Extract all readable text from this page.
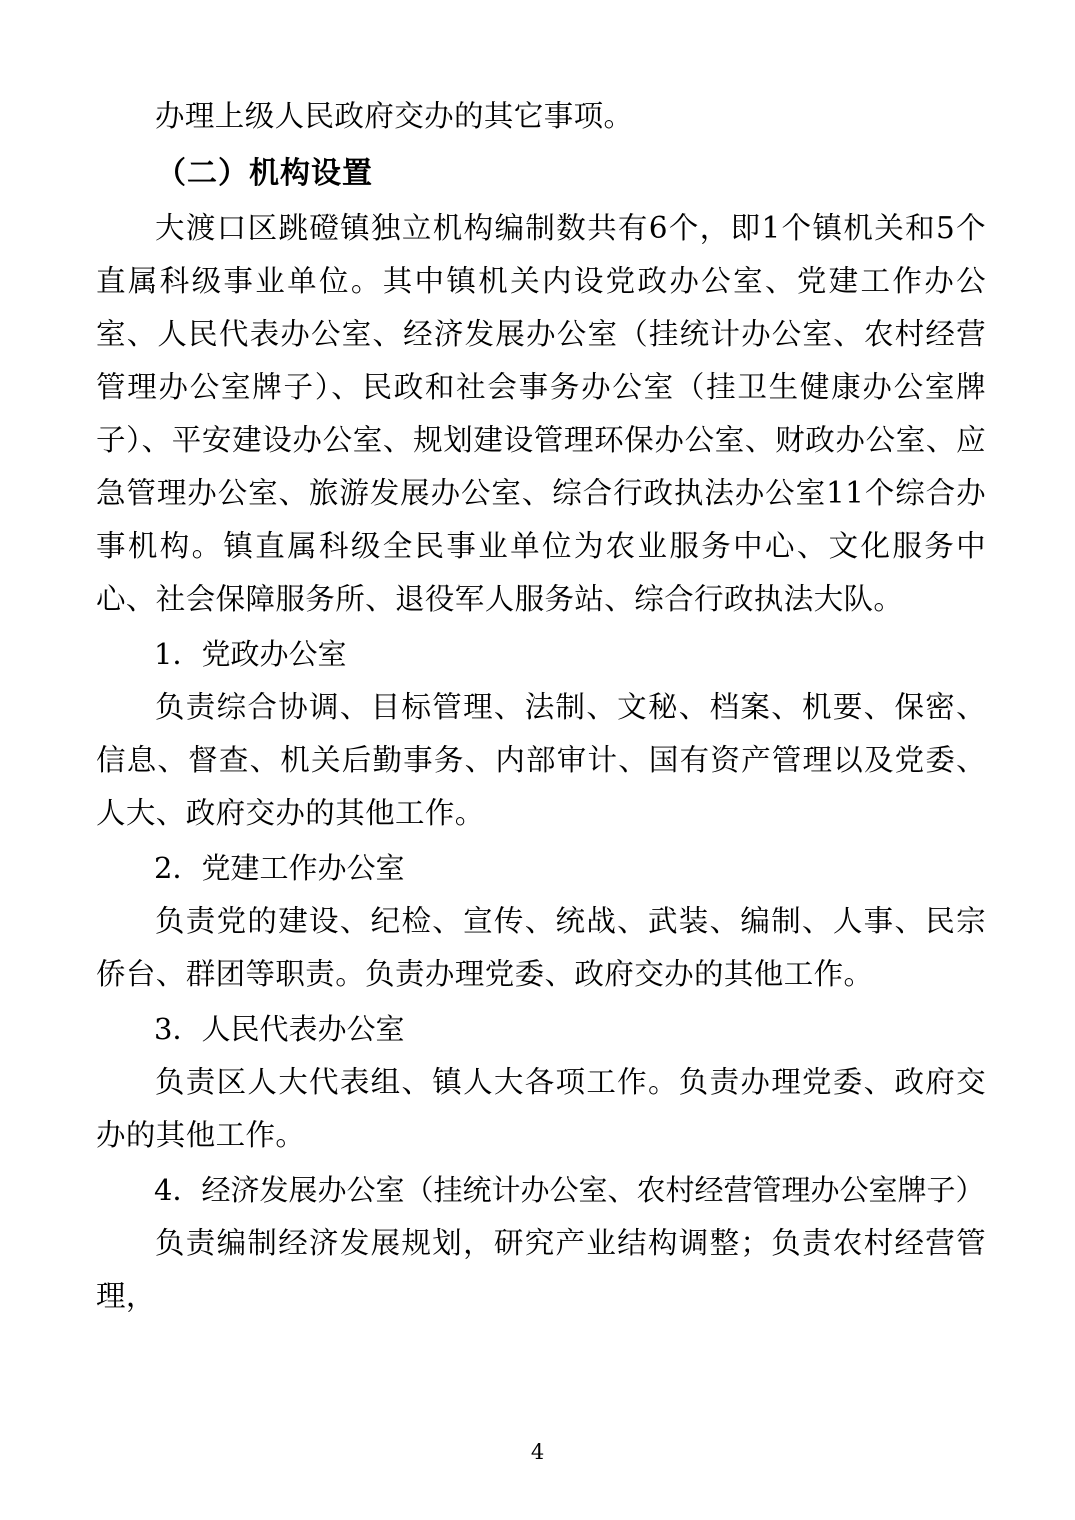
办理上级人民政府交办的其它事项。

（二）机构设置

大渡口区跳磴镇独立机构编制数共有6个，即1个镇机关和5个直属科级事业单位。其中镇机关内设党政办公室、党建工作办公室、人民代表办公室、经济发展办公室（挂统计办公室、农村经营管理办公室牌子）、民政和社会事务办公室（挂卫生健康办公室牌子）、平安建设办公室、规划建设管理环保办公室、财政办公室、应急管理办公室、旅游发展办公室、综合行政执法办公室11个综合办事机构。镇直属科级全民事业单位为农业服务中心、文化服务中心、社会保障服务所、退役军人服务站、综合行政执法大队。

1．党政办公室

负责综合协调、目标管理、法制、文秘、档案、机要、保密、信息、督查、机关后勤事务、内部审计、国有资产管理以及党委、人大、政府交办的其他工作。

2．党建工作办公室

负责党的建设、纪检、宣传、统战、武装、编制、人事、民宗侨台、群团等职责。负责办理党委、政府交办的其他工作。

3．人民代表办公室

负责区人大代表组、镇人大各项工作。负责办理党委、政府交办的其他工作。

4．经济发展办公室（挂统计办公室、农村经营管理办公室牌子）

负责编制经济发展规划，研究产业结构调整；负责农村经营管理，

4
